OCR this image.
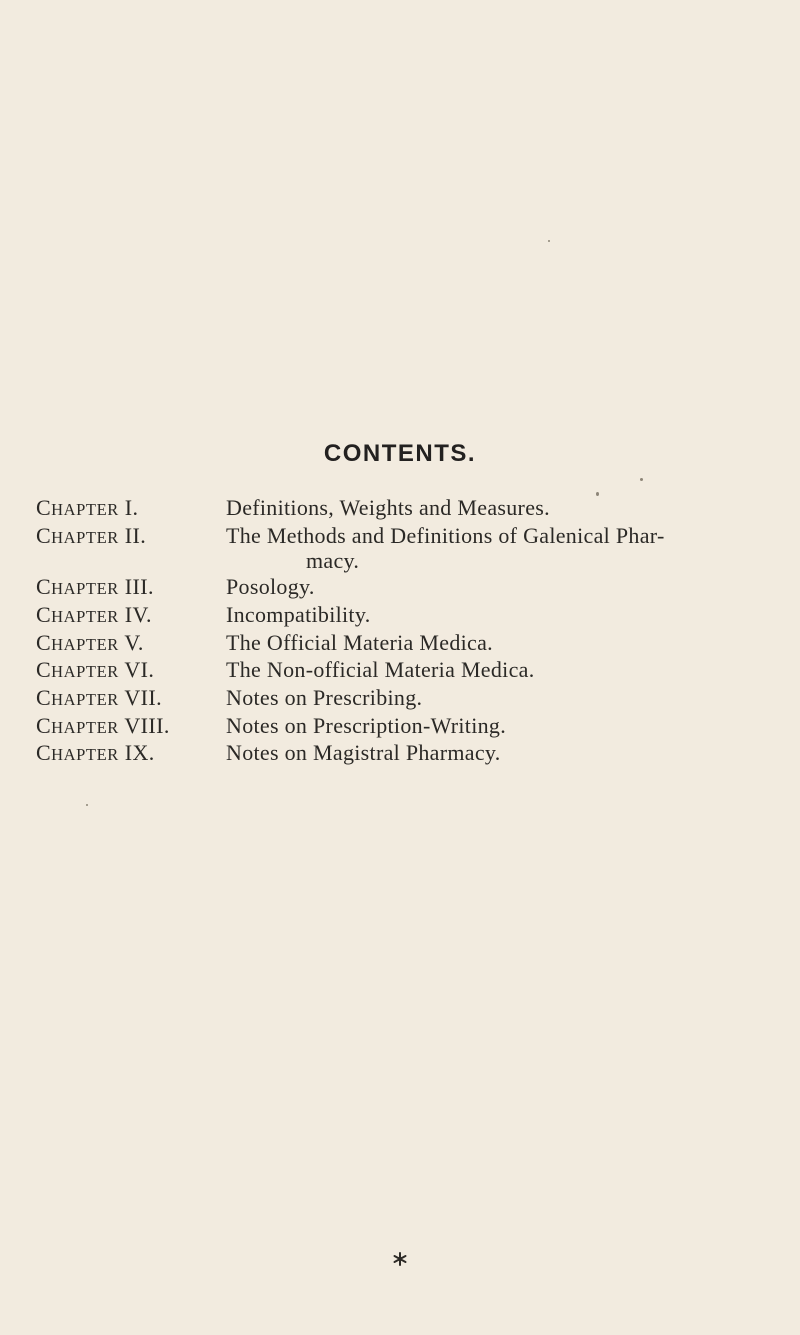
CONTENTS.
CHAPTER I.	Definitions, Weights and Measures.
CHAPTER II.	The Methods and Definitions of Galenical Phar-
macy.
CHAPTER III.	Posology.
CHAPTER IV.	Incompatibility.
CHAPTER V.	The Official Materia Medica.
CHAPTER VI.	The Non-official Materia Medica.
CHAPTER VII.	Notes on Prescribing.
CHAPTER VIII.	Notes on Prescription-Writing.
CHAPTER IX.	Notes on Magistral Pharmacy.
